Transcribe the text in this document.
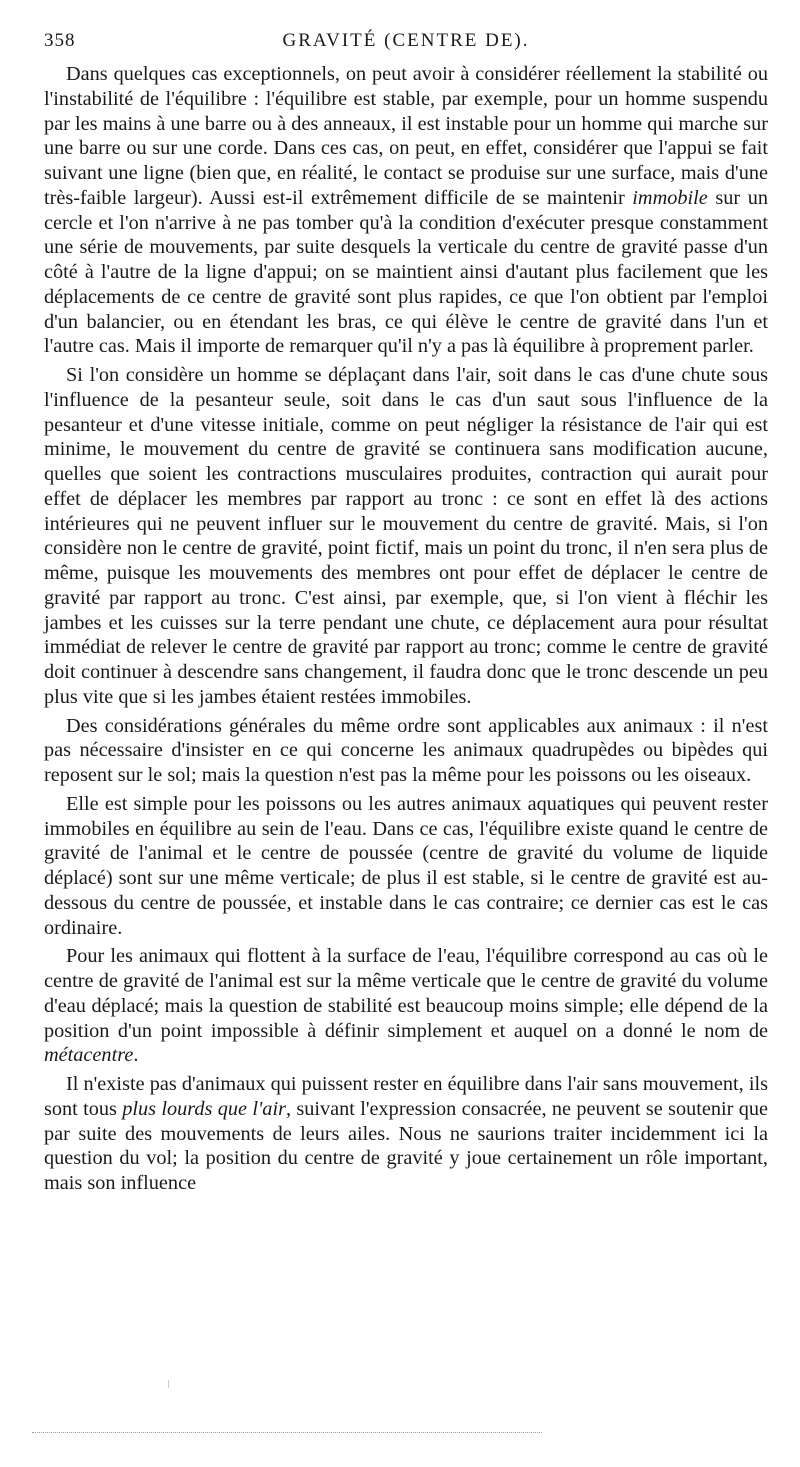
358	GRAVITÉ (CENTRE DE).

Dans quelques cas exceptionnels, on peut avoir à considérer réellement la stabilité ou l'instabilité de l'équilibre : l'équilibre est stable, par exemple, pour un homme suspendu par les mains à une barre ou à des anneaux, il est instable pour un homme qui marche sur une barre ou sur une corde. Dans ces cas, on peut, en effet, considérer que l'appui se fait suivant une ligne (bien que, en réalité, le contact se produise sur une surface, mais d'une très-faible largeur). Aussi est-il extrêmement difficile de se maintenir immobile sur un cercle et l'on n'arrive à ne pas tomber qu'à la condition d'exécuter presque constamment une série de mouvements, par suite desquels la verticale du centre de gravité passe d'un côté à l'autre de la ligne d'appui; on se maintient ainsi d'autant plus facilement que les déplacements de ce centre de gravité sont plus rapides, ce que l'on obtient par l'emploi d'un balancier, ou en étendant les bras, ce qui élève le centre de gravité dans l'un et l'autre cas. Mais il importe de remarquer qu'il n'y a pas là équilibre à proprement parler.

Si l'on considère un homme se déplaçant dans l'air, soit dans le cas d'une chute sous l'influence de la pesanteur seule, soit dans le cas d'un saut sous l'influence de la pesanteur et d'une vitesse initiale, comme on peut négliger la résistance de l'air qui est minime, le mouvement du centre de gravité se continuera sans modification aucune, quelles que soient les contractions musculaires produites, contraction qui aurait pour effet de déplacer les membres par rapport au tronc : ce sont en effet là des actions intérieures qui ne peuvent influer sur le mouvement du centre de gravité. Mais, si l'on considère non le centre de gravité, point fictif, mais un point du tronc, il n'en sera plus de même, puisque les mouvements des membres ont pour effet de déplacer le centre de gravité par rapport au tronc. C'est ainsi, par exemple, que, si l'on vient à fléchir les jambes et les cuisses sur la terre pendant une chute, ce déplacement aura pour résultat immédiat de relever le centre de gravité par rapport au tronc; comme le centre de gravité doit continuer à descendre sans changement, il faudra donc que le tronc descende un peu plus vite que si les jambes étaient restées immobiles.

Des considérations générales du même ordre sont applicables aux animaux : il n'est pas nécessaire d'insister en ce qui concerne les animaux quadrupèdes ou bipèdes qui reposent sur le sol; mais la question n'est pas la même pour les poissons ou les oiseaux.

Elle est simple pour les poissons ou les autres animaux aquatiques qui peuvent rester immobiles en équilibre au sein de l'eau. Dans ce cas, l'équilibre existe quand le centre de gravité de l'animal et le centre de poussée (centre de gravité du volume de liquide déplacé) sont sur une même verticale; de plus il est stable, si le centre de gravité est au-dessous du centre de poussée, et instable dans le cas contraire; ce dernier cas est le cas ordinaire.

Pour les animaux qui flottent à la surface de l'eau, l'équilibre correspond au cas où le centre de gravité de l'animal est sur la même verticale que le centre de gravité du volume d'eau déplacé; mais la question de stabilité est beaucoup moins simple; elle dépend de la position d'un point impossible à définir simplement et auquel on a donné le nom de métacentre.

Il n'existe pas d'animaux qui puissent rester en équilibre dans l'air sans mouvement, ils sont tous plus lourds que l'air, suivant l'expression consacrée, ne peuvent se soutenir que par suite des mouvements de leurs ailes. Nous ne saurions traiter incidemment ici la question du vol; la position du centre de gravité y joue certainement un rôle important, mais son influence
